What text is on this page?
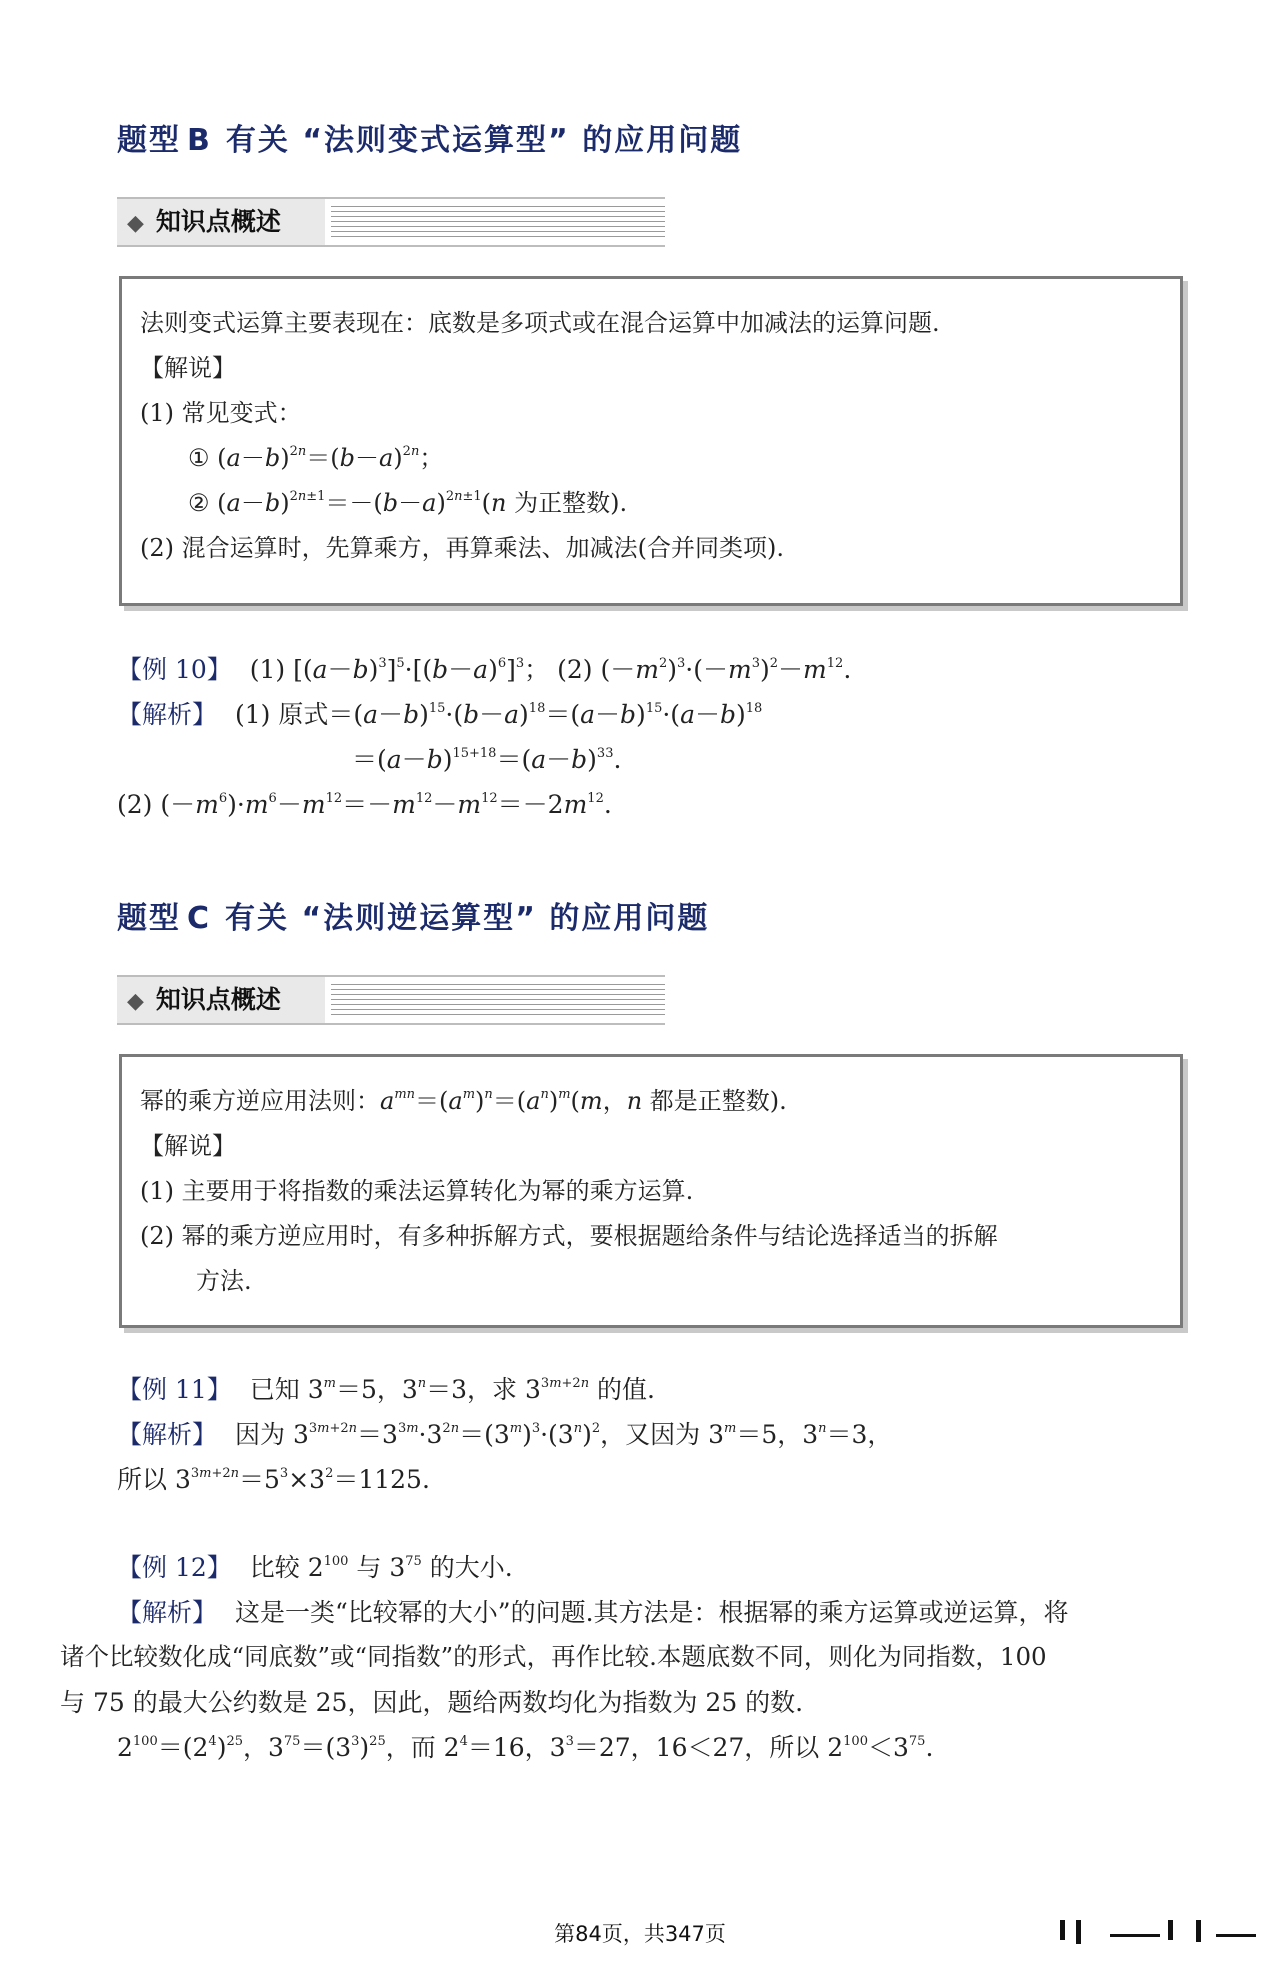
题型 B 有关 “法则变式运算型” 的应用问题
◆ 知识点概述

法则变式运算主要表现在：底数是多项式或在混合运算中加减法的运算问题.

【解说】

(1) 常见变式：

① $(a-b)^{2n}=(b-a)^{2n}$；

② $(a-b)^{2n\pm 1}=-(b-a)^{2n\pm 1}(n$ 为正整数).

(2) 混合运算时，先算乘方，再算乘法、加减法(合并同类项).

【例 10】 (1) $[(a-b)^3]^5\cdot[(b-a)^6]^3$； (2) $(-m^2)^3\cdot(-m^3)^2-m^{12}$.
【解析】 (1) 原式$=(a-b)^{15}\cdot(b-a)^{18}=(a-b)^{15}\cdot(a-b)^{18}$
$=(a-b)^{15+18}=(a-b)^{33}$.
(2) $(-m^6)\cdot m^6-m^{12}=-m^{12}-m^{12}=-2m^{12}$.
题型 C 有关 “法则逆运算型” 的应用问题
◆ 知识点概述

幂的乘方逆应用法则：$a^{mn}=(a^m)^n=(a^n)^m(m$，n 都是正整数).

【解说】

(1) 主要用于将指数的乘法运算转化为幂的乘方运算.

(2) 幂的乘方逆应用时，有多种拆解方式，要根据题给条件与结论选择适当的拆解

方法.

【例 11】 已知 $3^m=5$，$3^n=3$，求 $3^{3m+2n}$ 的值.
【解析】 因为 $3^{3m+2n}=3^{3m}\cdot 3^{2n}=(3^m)^3\cdot(3^n)^2$，又因为 $3^m=5$，$3^n=3$，
所以 $3^{3m+2n}=5^3\times 3^2=1125$.
【例 12】 比较 $2^{100}$ 与 $3^{75}$ 的大小.
【解析】 这是一类“比较幂的大小”的问题.其方法是：根据幂的乘方运算或逆运算，将
诸个比较数化成“同底数”或“同指数”的形式，再作比较.本题底数不同，则化为同指数，100
与 75 的最大公约数是 25，因此，题给两数均化为指数为 25 的数.
$2^{100}=(2^4)^{25}$，$3^{75}=(3^3)^{25}$，而 $2^4=16$，$3^3=27$，16＜27，所以 $2^{100}<3^{75}$.
第84页，共347页
